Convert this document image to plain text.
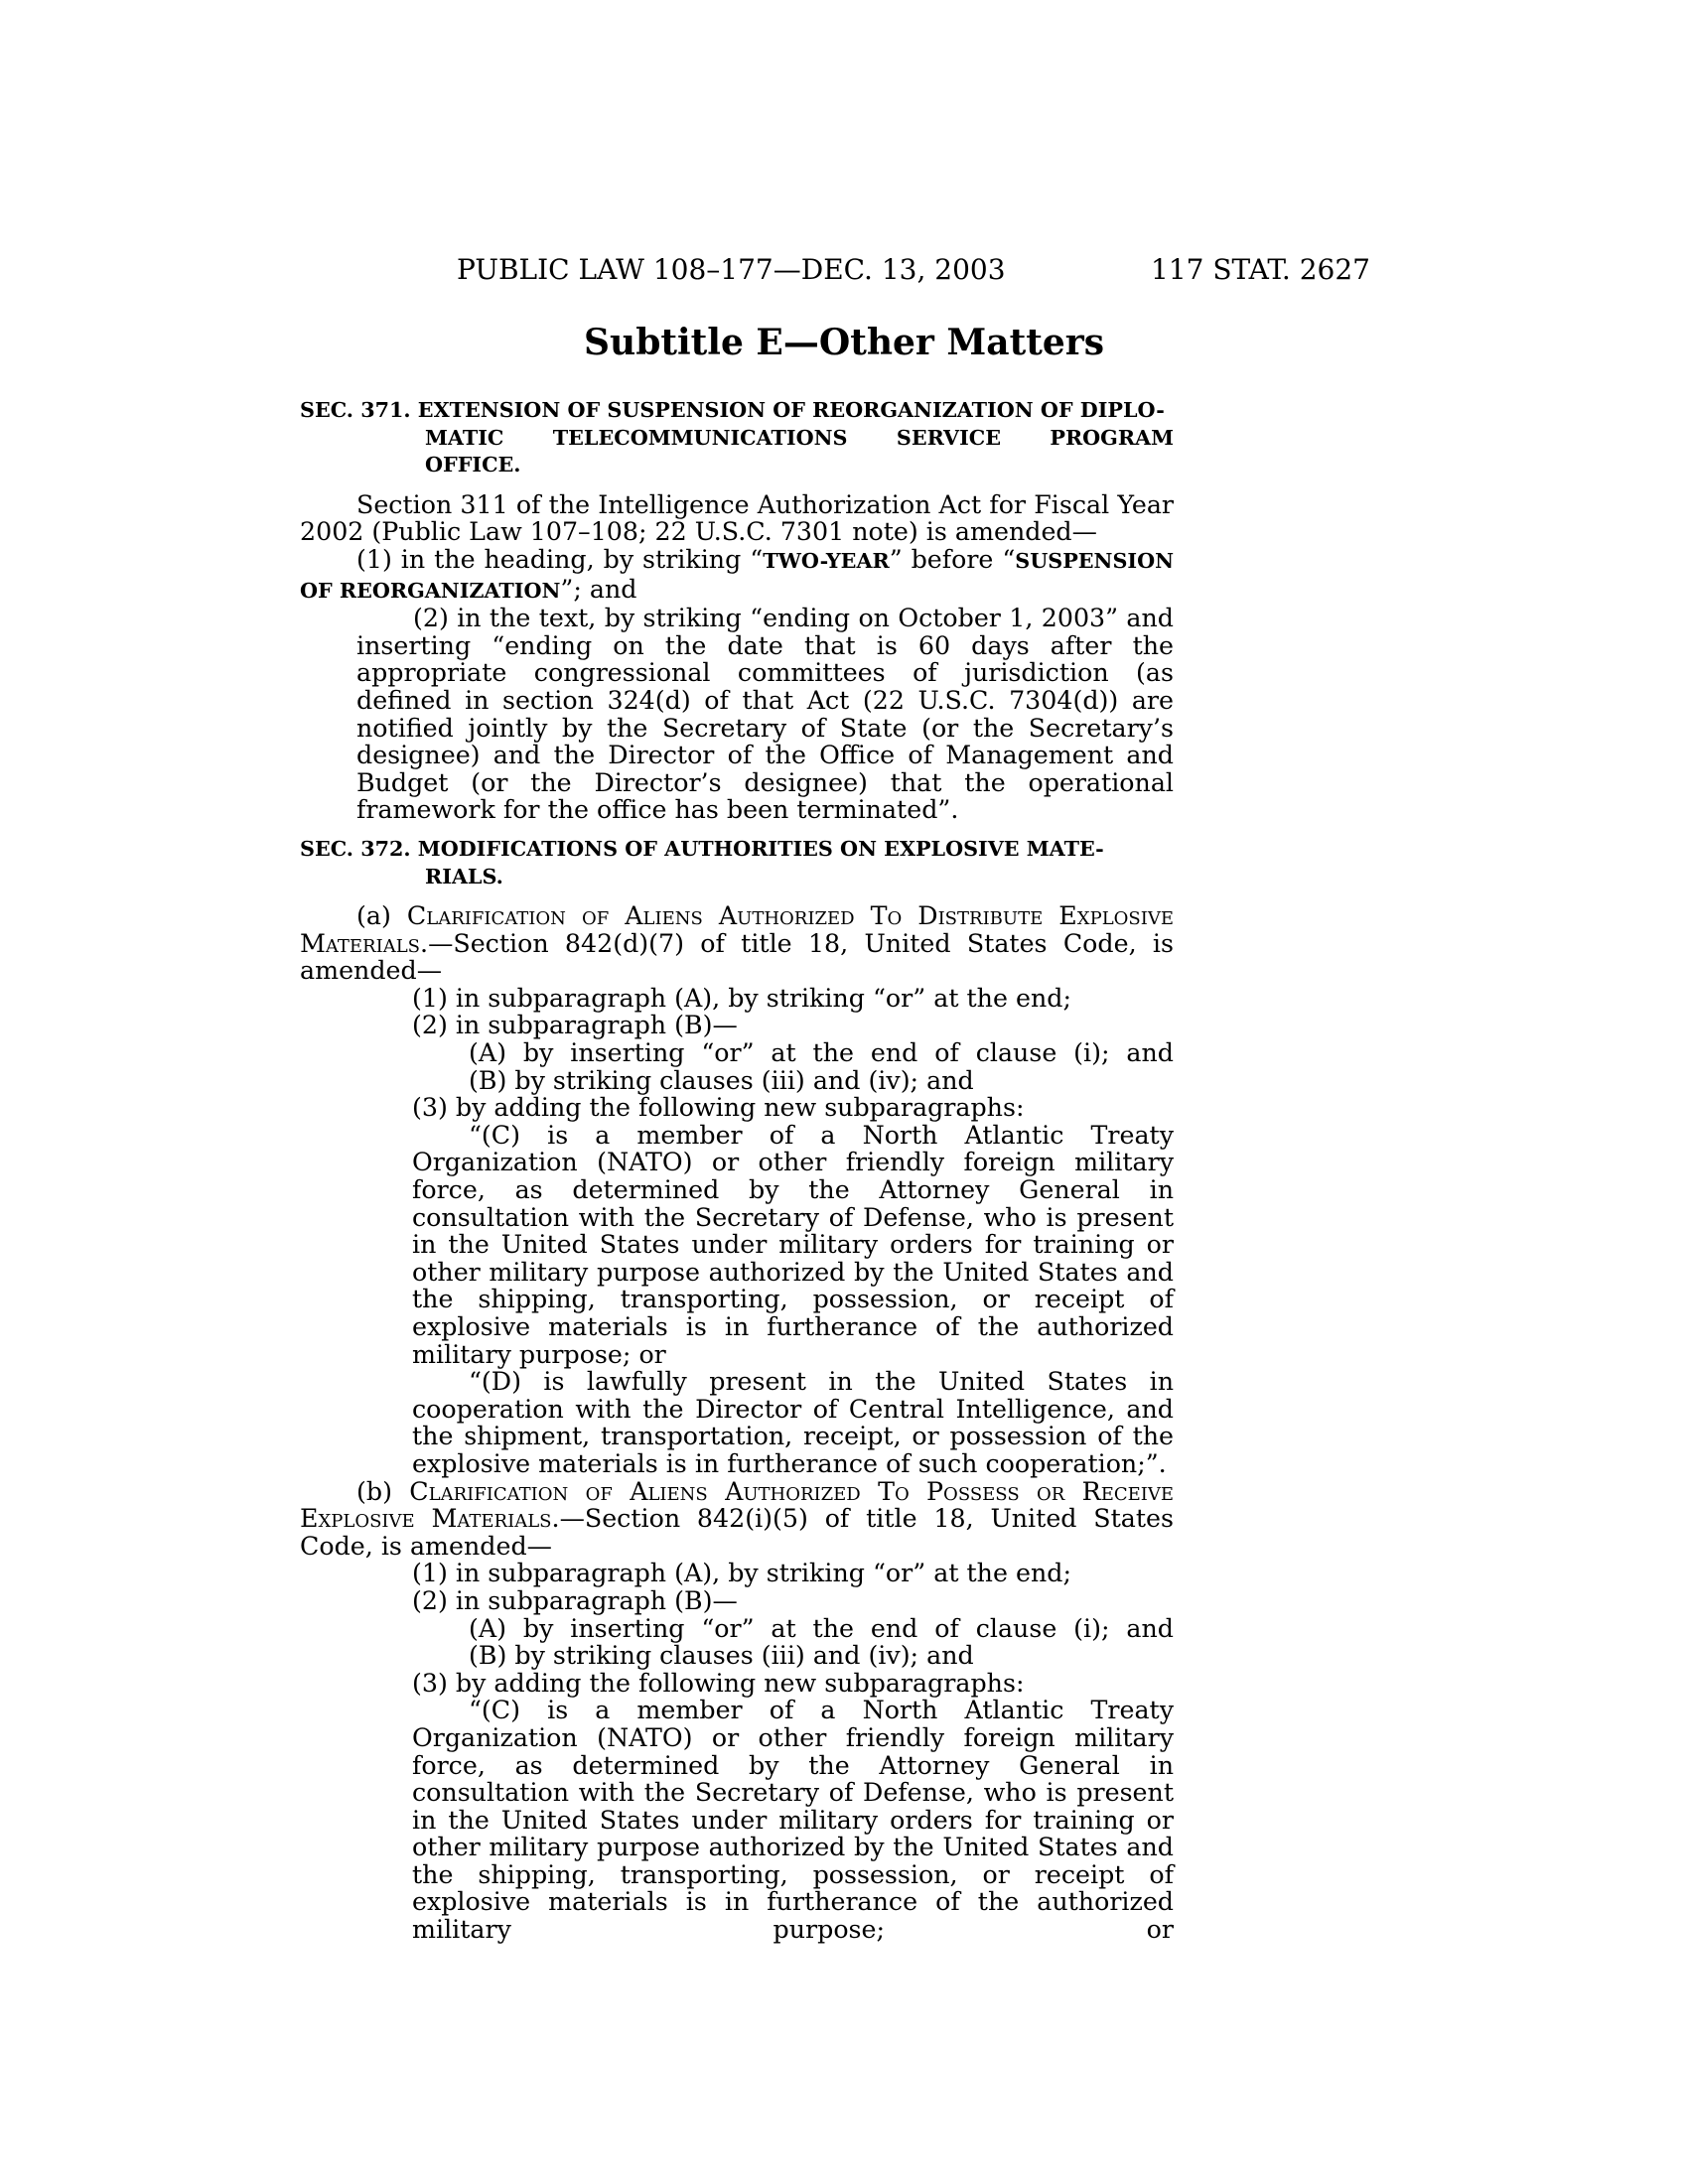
PUBLIC LAW 108–177—DEC. 13, 2003	117 STAT. 2627
Subtitle E—Other Matters
SEC. 371. EXTENSION OF SUSPENSION OF REORGANIZATION OF DIPLO-
MATIC TELECOMMUNICATIONS SERVICE PROGRAM
OFFICE.

Section 311 of the Intelligence Authorization Act for Fiscal Year 2002 (Public Law 107–108; 22 U.S.C. 7301 note) is amended—

(1) in the heading, by striking “TWO-YEAR” before “SUSPENSION OF REORGANIZATION”; and

(2) in the text, by striking “ending on October 1, 2003” and inserting “ending on the date that is 60 days after the appropriate congressional committees of jurisdiction (as defined in section 324(d) of that Act (22 U.S.C. 7304(d)) are notified jointly by the Secretary of State (or the Secretary’s designee) and the Director of the Office of Management and Budget (or the Director’s designee) that the operational framework for the office has been terminated”.

SEC. 372. MODIFICATIONS OF AUTHORITIES ON EXPLOSIVE MATE-
RIALS.

(a) Clarification of Aliens Authorized To Distribute Explosive Materials.—Section 842(d)(7) of title 18, United States Code, is amended—

(1) in subparagraph (A), by striking “or” at the end;

(2) in subparagraph (B)—

(A) by inserting “or” at the end of clause (i); and

(B) by striking clauses (iii) and (iv); and

(3) by adding the following new subparagraphs:

“(C) is a member of a North Atlantic Treaty Organization (NATO) or other friendly foreign military force, as determined by the Attorney General in consultation with the Secretary of Defense, who is present in the United States under military orders for training or other military purpose authorized by the United States and the shipping, transporting, possession, or receipt of explosive materials is in furtherance of the authorized military purpose; or

“(D) is lawfully present in the United States in cooperation with the Director of Central Intelligence, and the shipment, transportation, receipt, or possession of the explosive materials is in furtherance of such cooperation;”.

(b) Clarification of Aliens Authorized To Possess or Receive Explosive Materials.—Section 842(i)(5) of title 18, United States Code, is amended—

(1) in subparagraph (A), by striking “or” at the end;

(2) in subparagraph (B)—

(A) by inserting “or” at the end of clause (i); and

(B) by striking clauses (iii) and (iv); and

(3) by adding the following new subparagraphs:

“(C) is a member of a North Atlantic Treaty Organization (NATO) or other friendly foreign military force, as determined by the Attorney General in consultation with the Secretary of Defense, who is present in the United States under military orders for training or other military purpose authorized by the United States and the shipping, transporting, possession, or receipt of explosive materials is in furtherance of the authorized military purpose; or
